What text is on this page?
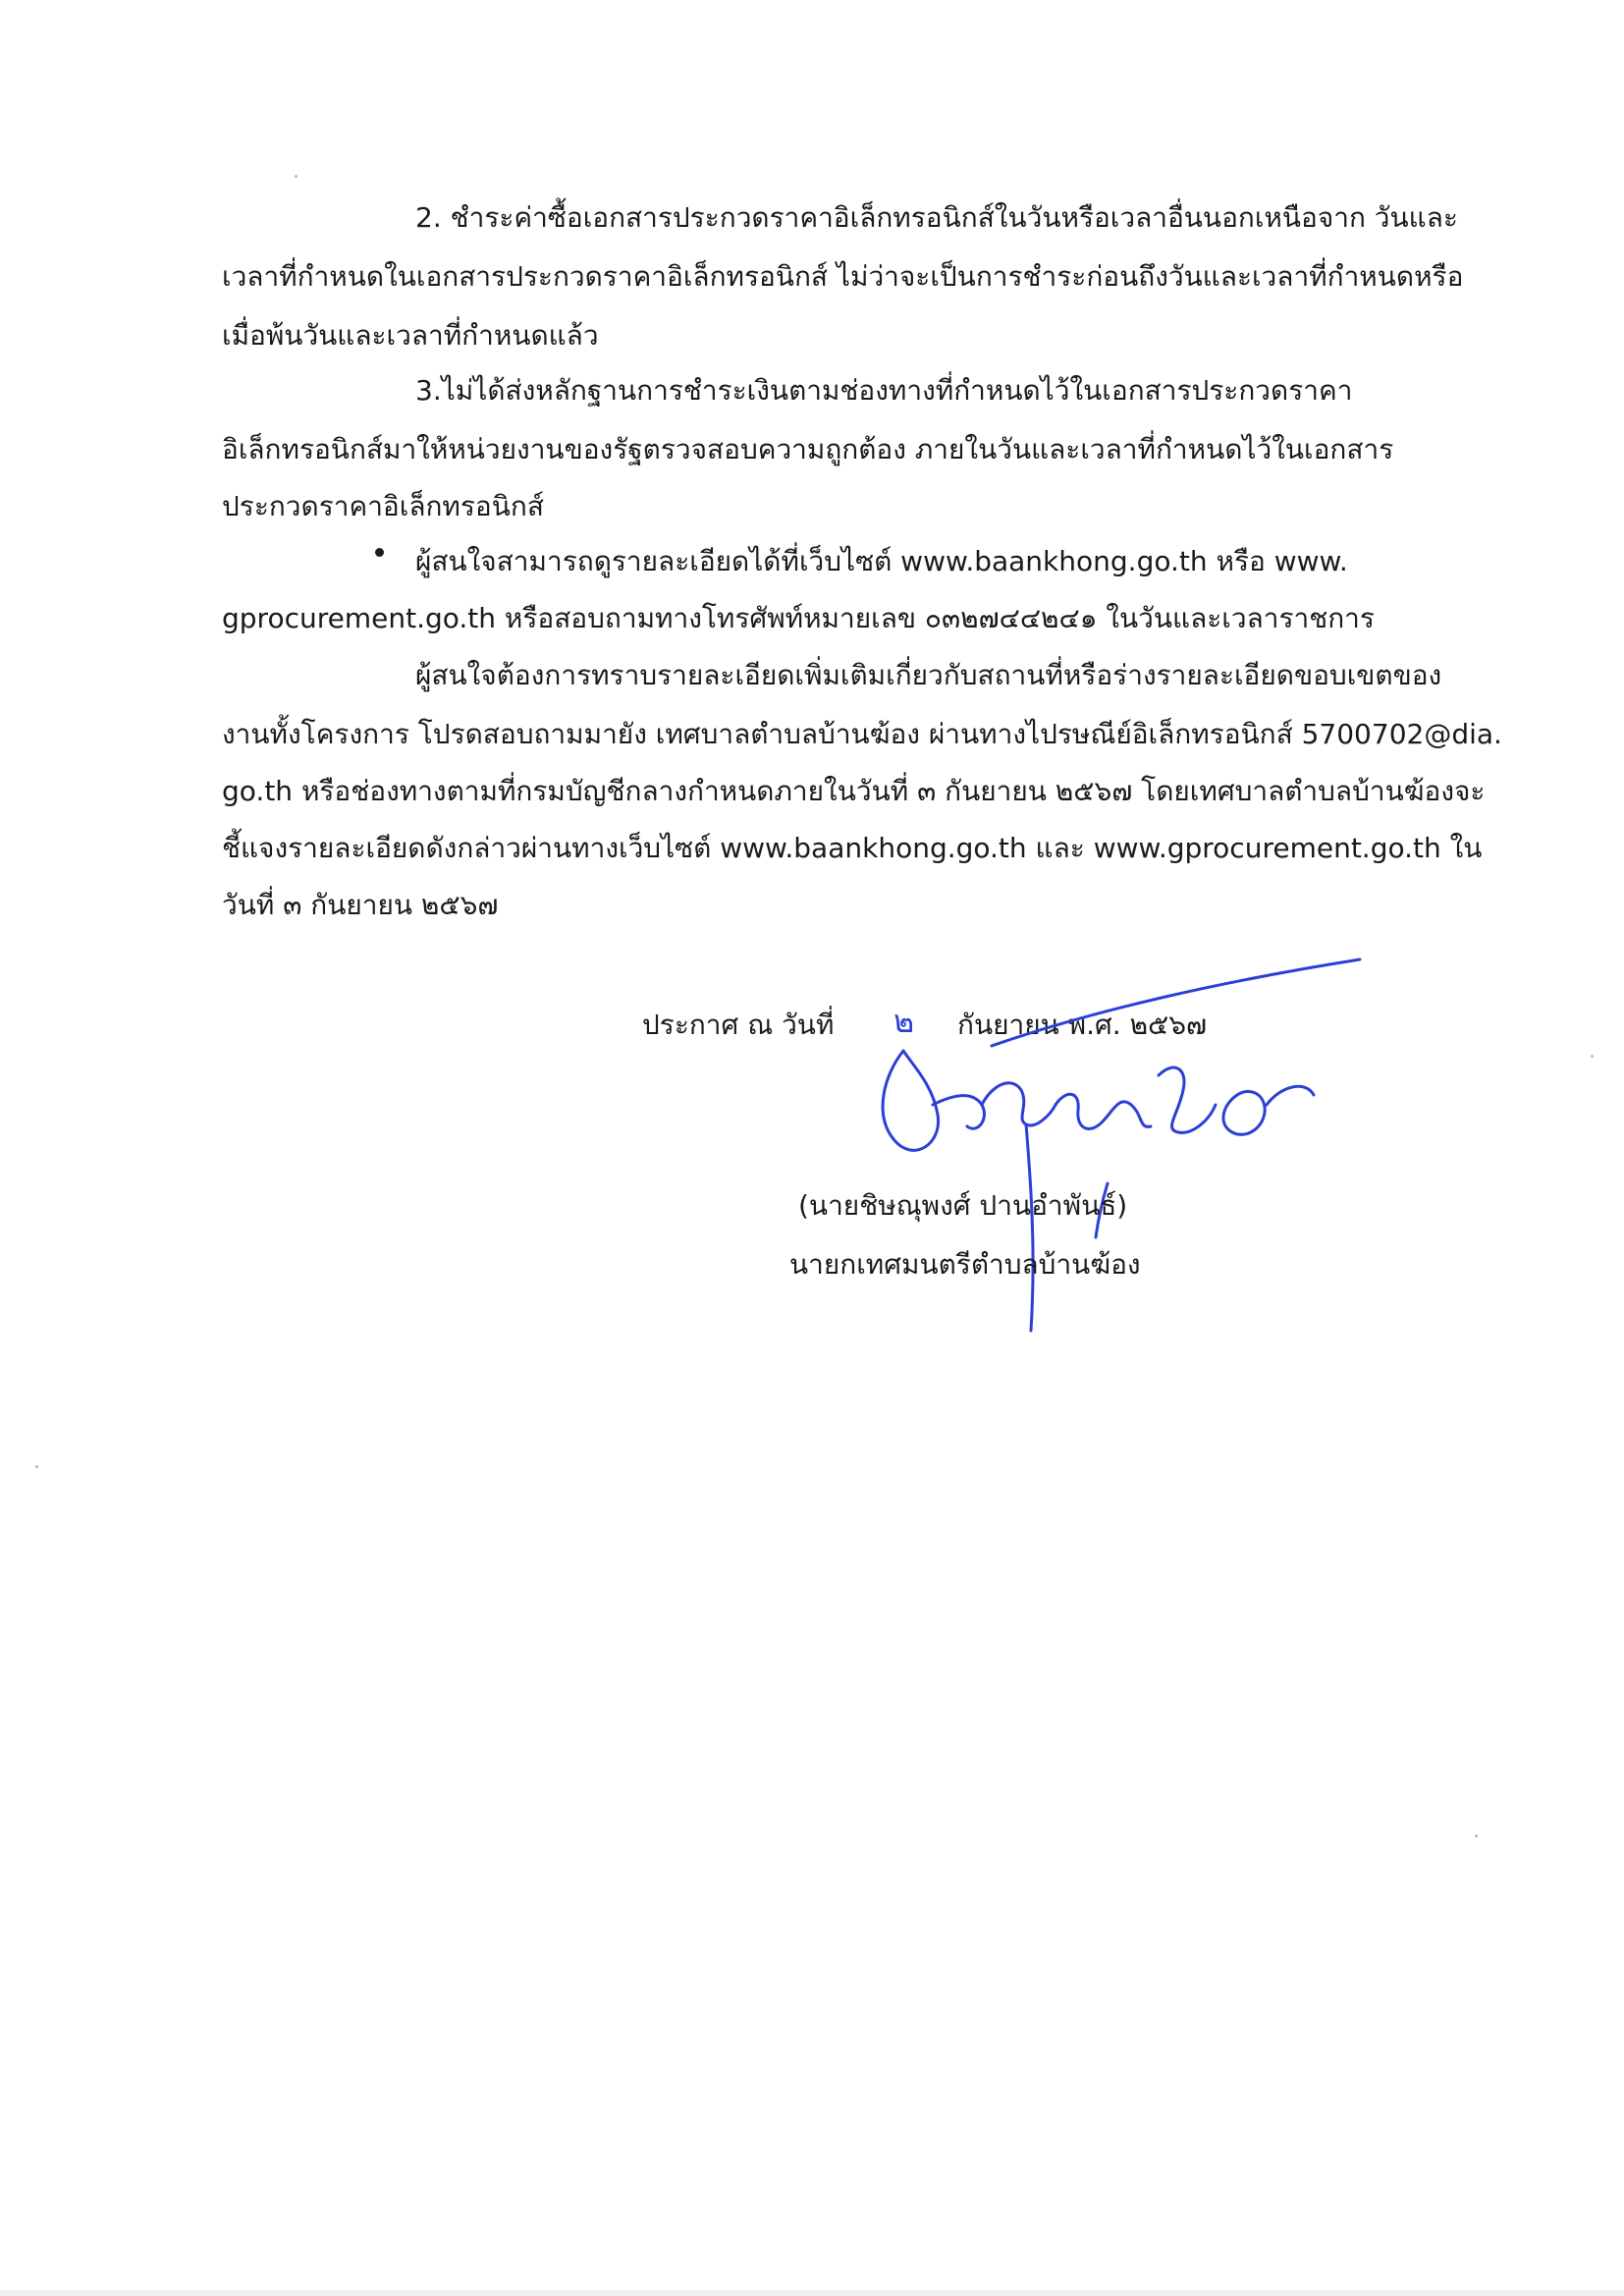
2. ชำระค่าซื้อเอกสารประกวดราคาอิเล็กทรอนิกส์ในวันหรือเวลาอื่นนอกเหนือจาก วันและ
เวลาที่กำหนดในเอกสารประกวดราคาอิเล็กทรอนิกส์ ไม่ว่าจะเป็นการชำระก่อนถึงวันและเวลาที่กำหนดหรือ
เมื่อพ้นวันและเวลาที่กำหนดแล้ว
3.ไม่ได้ส่งหลักฐานการชำระเงินตามช่องทางที่กำหนดไว้ในเอกสารประกวดราคา
อิเล็กทรอนิกส์มาให้หน่วยงานของรัฐตรวจสอบความถูกต้อง ภายในวันและเวลาที่กำหนดไว้ในเอกสาร
ประกวดราคาอิเล็กทรอนิกส์
ผู้สนใจสามารถดูรายละเอียดได้ที่เว็บไซต์ www.baankhong.go.th หรือ www.
gprocurement.go.th หรือสอบถามทางโทรศัพท์หมายเลข ๐๓๒๗๔๔๒๔๑ ในวันและเวลาราชการ
ผู้สนใจต้องการทราบรายละเอียดเพิ่มเติมเกี่ยวกับสถานที่หรือร่างรายละเอียดขอบเขตของ
งานทั้งโครงการ โปรดสอบถามมายัง เทศบาลตำบลบ้านฆ้อง ผ่านทางไปรษณีย์อิเล็กทรอนิกส์ 5700702@dia.
go.th หรือช่องทางตามที่กรมบัญชีกลางกำหนดภายในวันที่ ๓ กันยายน ๒๕๖๗ โดยเทศบาลตำบลบ้านฆ้องจะ
ชี้แจงรายละเอียดดังกล่าวผ่านทางเว็บไซต์ www.baankhong.go.th และ www.gprocurement.go.th ใน
วันที่ ๓ กันยายน ๒๕๖๗
ประกาศ ณ วันที่ ๒ กันยายน พ.ศ. ๒๕๖๗
(นายชิษณุพงศ์ ปานอำพันธ์)
นายกเทศมนตรีตำบลบ้านฆ้อง
